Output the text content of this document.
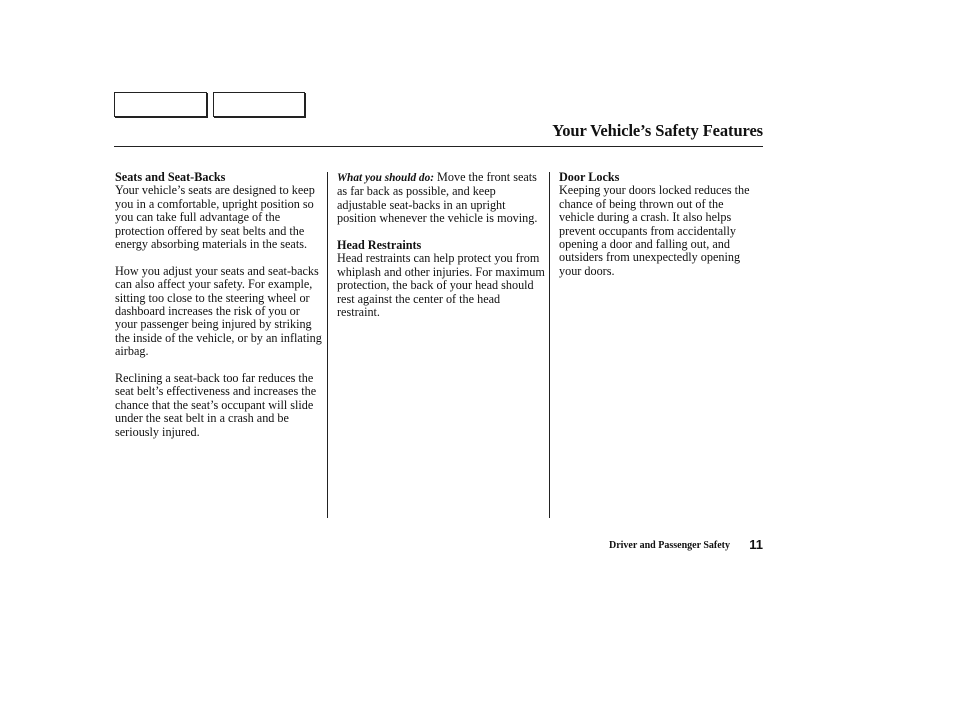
Your Vehicle’s Safety Features
Seats and Seat-Backs

Your vehicle’s seats are designed to keep you in a comfortable, upright position so you can take full advantage of the protection offered by seat belts and the energy absorbing materials in the seats.

How you adjust your seats and seat-backs can also affect your safety. For example, sitting too close to the steering wheel or dashboard increases the risk of you or your passenger being injured by striking the inside of the vehicle, or by an inflating airbag.

Reclining a seat-back too far reduces the seat belt’s effectiveness and increases the chance that the seat’s occupant will slide under the seat belt in a crash and be seriously injured.

What you should do: Move the front seats as far back as possible, and keep adjustable seat-backs in an upright position whenever the vehicle is moving.

Head Restraints

Head restraints can help protect you from whiplash and other injuries. For maximum protection, the back of your head should rest against the center of the head restraint.

Door Locks

Keeping your doors locked reduces the chance of being thrown out of the vehicle during a crash. It also helps prevent occupants from accidentally opening a door and falling out, and outsiders from unexpectedly opening your doors.

Driver and Passenger Safety 11
